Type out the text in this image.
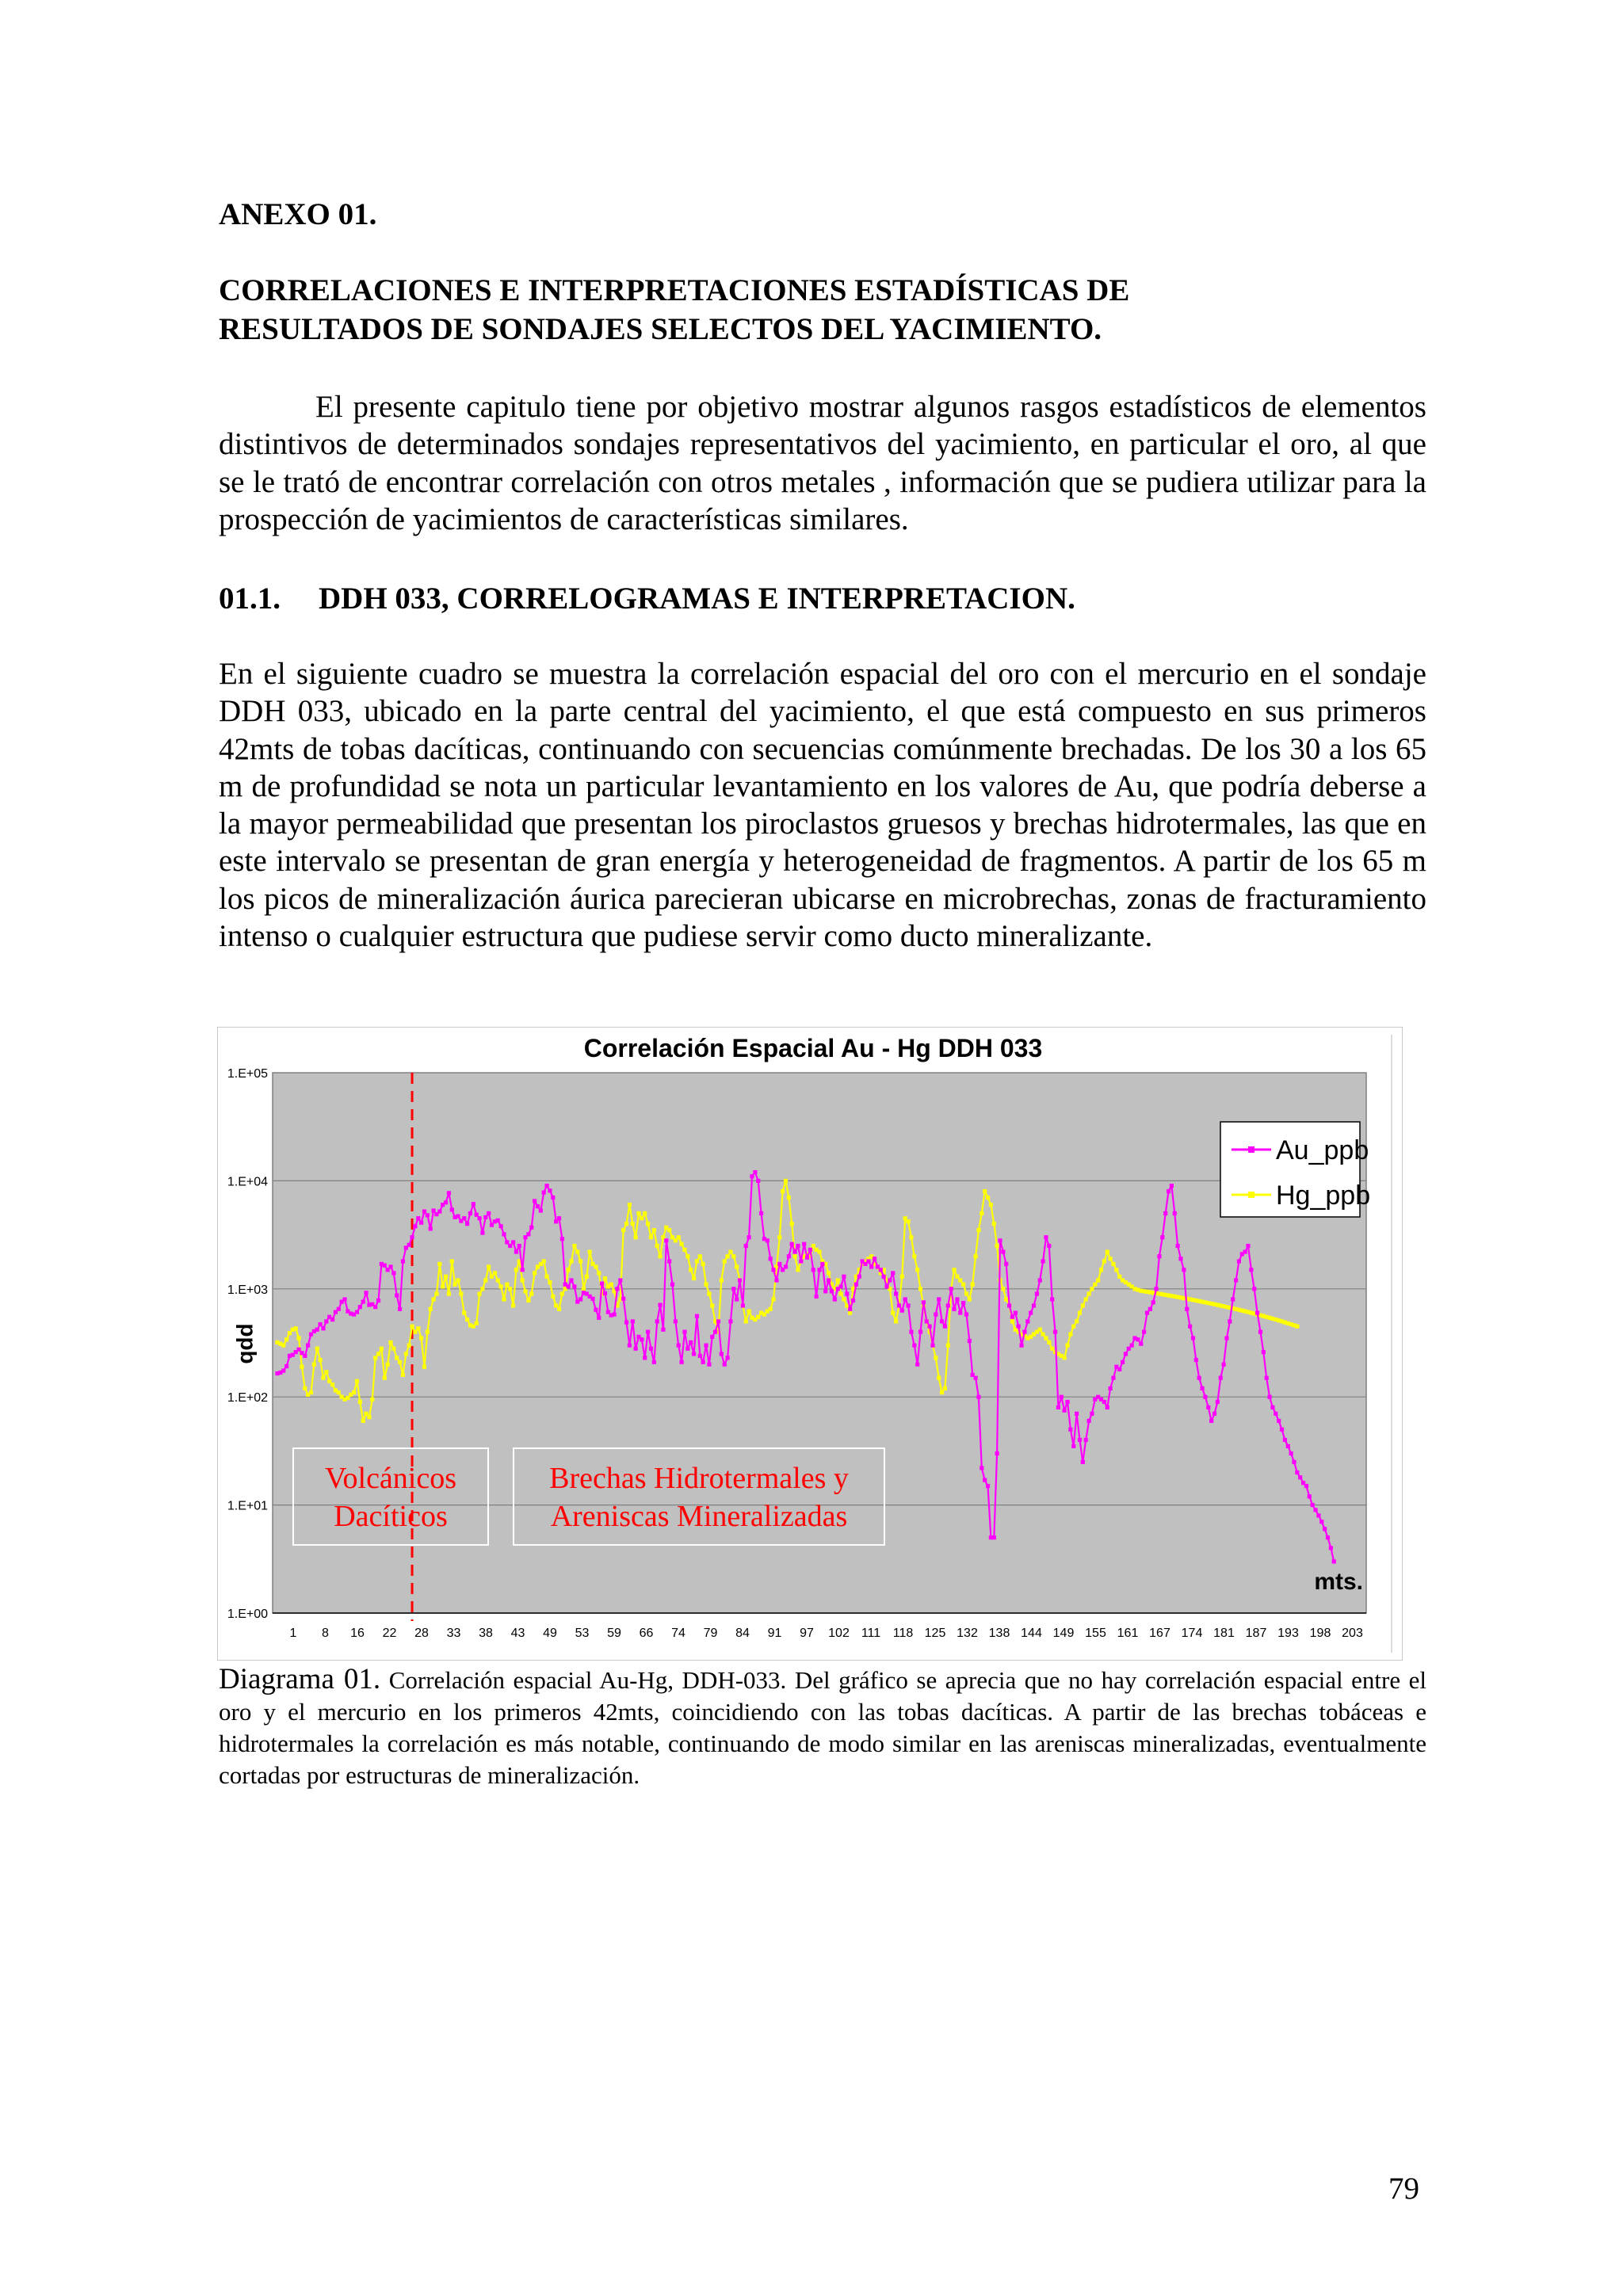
ANEXO 01.

CORRELACIONES E INTERPRETACIONES ESTADÍSTICAS DE

RESULTADOS DE SONDAJES SELECTOS DEL YACIMIENTO.

El presente capitulo tiene por objetivo mostrar algunos rasgos estadísticos de elementos distintivos de determinados sondajes representativos del yacimiento, en particular el oro, al que se le trató de encontrar correlación con otros metales , información que se pudiera utilizar para la prospección de yacimientos de características similares.

01.1. DDH 033, CORRELOGRAMAS E INTERPRETACION.

En el siguiente cuadro se muestra la correlación espacial del oro con el mercurio en el sondaje DDH 033, ubicado en la parte central del yacimiento, el que está compuesto en sus primeros 42mts de tobas dacíticas, continuando con secuencias comúnmente brechadas. De los 30 a los 65 m de profundidad se nota un particular levantamiento en los valores de Au, que podría deberse a la mayor permeabilidad que presentan los piroclastos gruesos y brechas hidrotermales, las que en este intervalo se presentan de gran energía y heterogeneidad de fragmentos. A partir de los 65 m los picos de mineralización áurica parecieran ubicarse en microbrechas, zonas de fracturamiento intenso o cualquier estructura que pudiese servir como ducto mineralizante.

1.E+00
1.E+01
1.E+02
1.E+03
1.E+04
1.E+05
1 8 16 22 28 33 38 43 49 53 59 66 74 79 84 91 97 102 111 118 125 132 138 144 149 155 161 167 174 181 187 193 198 203
Correlación Espacial Au - Hg DDH 033
ppb
mts.
Volcánicos
Dacíticos
Brechas Hidrotermales y
Areniscas Mineralizadas
Au_ppb
Hg_ppb

Diagrama 01. Correlación espacial Au-Hg, DDH-033. Del gráfico se aprecia que no hay correlación espacial entre el oro y el mercurio en los primeros 42mts, coincidiendo con las tobas dacíticas. A partir de las brechas tobáceas e hidrotermales la correlación es más notable, continuando de modo similar en las areniscas mineralizadas, eventualmente cortadas por estructuras de mineralización.

79
